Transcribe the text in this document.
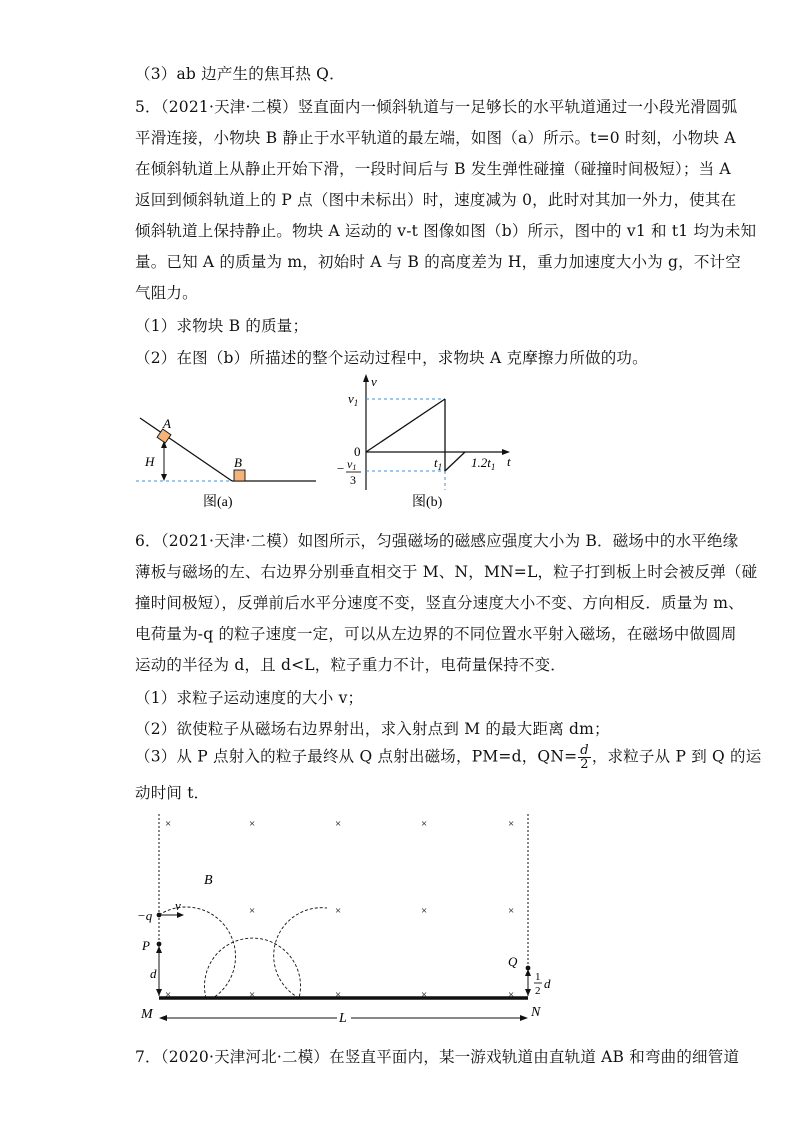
（3）ab 边产生的焦耳热 Q．
5．（2021·天津·二模）竖直面内一倾斜轨道与一足够长的水平轨道通过一小段光滑圆弧
平滑连接，小物块 B 静止于水平轨道的最左端，如图（a）所示。t=0 时刻，小物块 A
在倾斜轨道上从静止开始下滑，一段时间后与 B 发生弹性碰撞（碰撞时间极短）；当 A
返回到倾斜轨道上的 P 点（图中未标出）时，速度减为 0，此时对其加一外力，使其在
倾斜轨道上保持静止。物块 A 运动的 v-t 图像如图（b）所示，图中的 v1 和 t1 均为未知
量。已知 A 的质量为 m，初始时 A 与 B 的高度差为 H，重力加速度大小为 g，不计空
气阻力。
（1）求物块 B 的质量；
（2）在图（b）所描述的整个运动过程中，求物块 A 克摩擦力所做的功。
A
B
H
图(a)
v
t
$v_1$
0
$t_1$ $1.2t_1$
− v1
3
图(b)
6．（2021·天津·二模）如图所示，匀强磁场的磁感应强度大小为 B．磁场中的水平绝缘
薄板与磁场的左、右边界分别垂直相交于 M、N，MN=L，粒子打到板上时会被反弹（碰
撞时间极短），反弹前后水平分速度不变，竖直分速度大小不变、方向相反．质量为 m、
电荷量为-q 的粒子速度一定，可以从左边界的不同位置水平射入磁场，在磁场中做圆周
运动的半径为 d，且 d<L，粒子重力不计，电荷量保持不变．
（1）求粒子运动速度的大小 v；
（2）欲使粒子从磁场右边界射出，求入射点到 M 的最大距离 dm；
（3）从 P 点射入的粒子最终从 Q 点射出磁场，PM=d，$QN= \frac{d}{2}$ ，求粒子从 P 到 Q 的运
动时间 t．
×	×	×	×	×
×	×	×	×
×	×	×	×	×
−q
v
P
d
B
Q
1
2 d
M	N
L
7．（2020·天津河北·二模）在竖直平面内，某一游戏轨道由直轨道 AB 和弯曲的细管道
